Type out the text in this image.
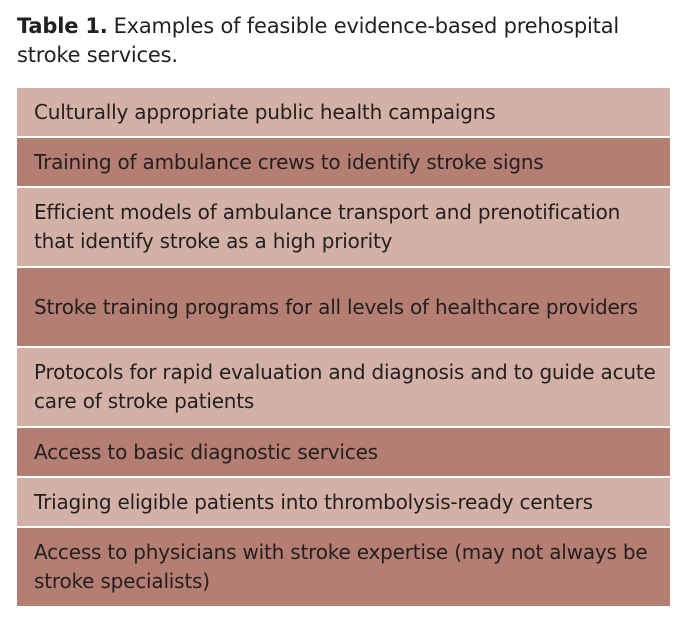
Table 1. Examples of feasible evidence-based prehospital stroke services.
Culturally appropriate public health campaigns
Training of ambulance crews to identify stroke signs
Efficient models of ambulance transport and prenotification that identify stroke as a high priority
Stroke training programs for all levels of healthcare providers
Protocols for rapid evaluation and diagnosis and to guide acute care of stroke patients
Access to basic diagnostic services
Triaging eligible patients into thrombolysis-ready centers
Access to physicians with stroke expertise (may not always be stroke specialists)
